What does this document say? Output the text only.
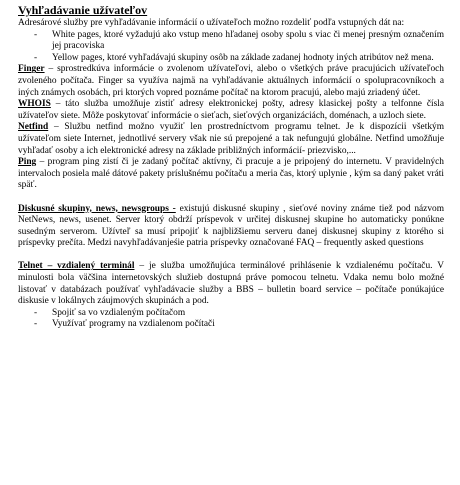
Vyhľadávanie užívateľov

Adresárové služby pre vyhľadávanie informácií o užívateľoch možno rozdeliť podľa vstupných dát na:

- White pages, ktoré vyžadujú ako vstup meno hľadanej osoby spolu s viac či menej presným označením jej pracoviska
- Yellow pages, ktoré vyhľadávajú skupiny osôb na základe zadanej hodnoty iných atribútov než mena.

Finger – sprostredkúva informácie o zvolenom užívateľovi, alebo o všetkých práve pracujúcich užívateľoch zvoleného počítača. Finger sa využíva najmä na vyhľadávanie aktuálnych informácií o spolupracovníkoch a iných známych osobách, pri ktorých vopred poznáme počítač na ktorom pracujú, alebo majú zriadený účet.

WHOIS – táto služba umožňuje zistiť adresy elektronickej pošty, adresy klasickej pošty a telfonne čísla užívateľov siete. Môže poskytovať informácie o sieťach, sieťových organizáciách, doménach, a uzloch siete.

Netfind – Službu netfind možno využiť len prostredníctvom programu telnet. Je k dispozícii všetkým užívateľom siete Internet, jednotlivé servery však nie sú prepojené a tak nefungujú globálne. Netfind umožňuje vyhľadať osoby a ich elektronické adresy na základe približných informácií- priezvisko,...

Ping – program ping zistí či je zadaný počítač aktívny, či pracuje a je pripojený do internetu. V pravidelných intervaloch posiela malé dátové pakety príslušnému počítaču a meria čas, ktorý uplynie , kým sa daný paket vráti späť.

Diskusné skupiny, news, newsgroups - existujú diskusné skupiny , sieťové noviny známe tiež pod názvom NetNews, news, usenet. Server ktorý obdrží príspevok v určitej diskusnej skupine ho automaticky ponúkne susedným serverom. Užívteľ sa musí pripojiť k najbližšiemu serveru danej diskusnej skupiny z ktorého si príspevky prečíta. Medzi navyhľadávanjeśie patria príspevky označované FAQ – frequently asked questions

Telnet – vzdialený terminál – je služba umožňujúca terminálové prihlásenie k vzdialenému počítaču. V minulosti bola väčšina internetovských služieb dostupná práve pomocou telnetu. Vdaka nemu bolo možné listovať v databázach používať vyhľadávacie služby a BBS – bulletin board service – počítače ponúkajúce diskusie v lokálnych záujmových skupinách a pod.

- Spojiť sa vo vzdialeným počítačom
- Využívať programy na vzdialenom počítači
